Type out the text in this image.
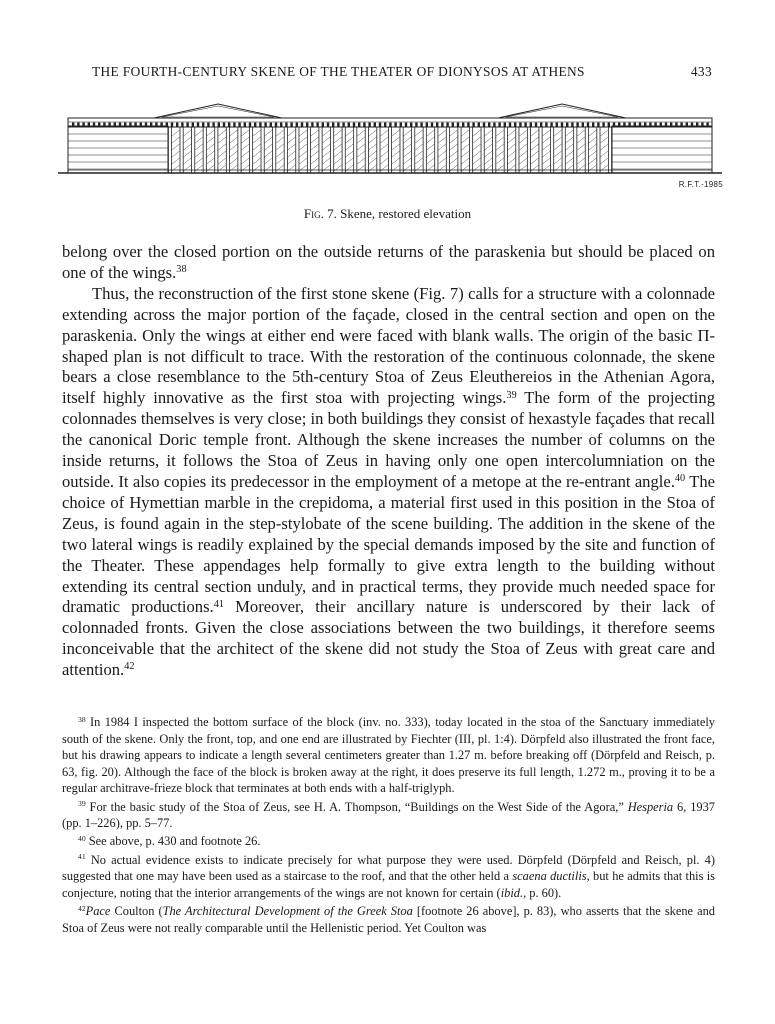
THE FOURTH-CENTURY SKENE OF THE THEATER OF DIONYSOS AT ATHENS	433
R.F.T.-1985
Fig. 7. Skene, restored elevation

belong over the closed portion on the outside returns of the paraskenia but should be placed on one of the wings.$^{38}$

Thus, the reconstruction of the first stone skene (Fig. 7) calls for a structure with a colonnade extending across the major portion of the façade, closed in the central section and open on the paraskenia. Only the wings at either end were faced with blank walls. The origin of the basic Π-shaped plan is not difficult to trace. With the restoration of the continuous colonnade, the skene bears a close resemblance to the 5th-century Stoa of Zeus Eleuthereios in the Athenian Agora, itself highly innovative as the first stoa with projecting wings.$^{39}$ The form of the projecting colonnades themselves is very close; in both buildings they consist of hexastyle façades that recall the canonical Doric temple front. Although the skene increases the number of columns on the inside returns, it follows the Stoa of Zeus in having only one open intercolumniation on the outside. It also copies its predecessor in the employment of a metope at the re-entrant angle.$^{40}$ The choice of Hymettian marble in the crepidoma, a material first used in this position in the Stoa of Zeus, is found again in the step-stylobate of the scene building. The addition in the skene of the two lateral wings is readily explained by the special demands imposed by the site and function of the Theater. These appendages help formally to give extra length to the building without extending its central section unduly, and in practical terms, they provide much needed space for dramatic productions.$^{41}$ Moreover, their ancillary nature is underscored by their lack of colonnaded fronts. Given the close associations between the two buildings, it therefore seems inconceivable that the architect of the skene did not study the Stoa of Zeus with great care and attention.$^{42}$

$^{38}$ In 1984 I inspected the bottom surface of the block (inv. no. 333), today located in the stoa of the Sanctuary immediately south of the skene. Only the front, top, and one end are illustrated by Fiechter (III, pl. 1:4). Dörpfeld also illustrated the front face, but his drawing appears to indicate a length several centimeters greater than 1.27 m. before breaking off (Dörpfeld and Reisch, p. 63, fig. 20). Although the face of the block is broken away at the right, it does preserve its full length, 1.272 m., proving it to be a regular architrave-frieze block that terminates at both ends with a half-triglyph.

$^{39}$ For the basic study of the Stoa of Zeus, see H. A. Thompson, “Buildings on the West Side of the Agora,” Hesperia 6, 1937 (pp. 1–226), pp. 5–77.

$^{40}$ See above, p. 430 and footnote 26.

$^{41}$ No actual evidence exists to indicate precisely for what purpose they were used. Dörpfeld (Dörpfeld and Reisch, pl. 4) suggested that one may have been used as a staircase to the roof, and that the other held a scaena ductilis, but he admits that this is conjecture, noting that the interior arrangements of the wings are not known for certain (ibid., p. 60).

$^{42}$Pace Coulton (The Architectural Development of the Greek Stoa [footnote 26 above], p. 83), who asserts that the skene and Stoa of Zeus were not really comparable until the Hellenistic period. Yet Coulton was
